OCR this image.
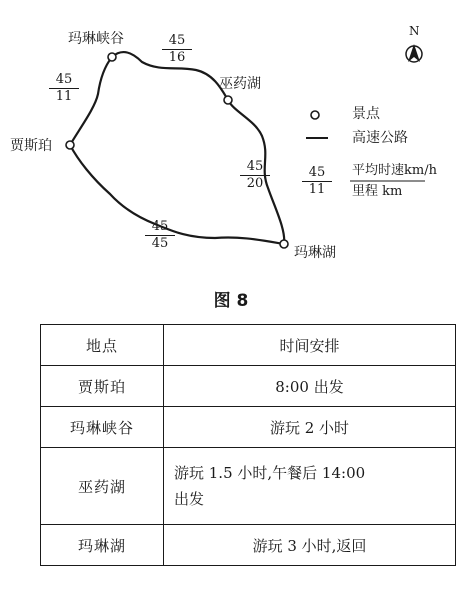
玛琳峡谷
巫药湖
贾斯珀
玛琳湖
N
$\frac{45}{11}$
$\frac{45}{16}$
$\frac{45}{20}$
$\frac{45}{45}$
景点
高速公路
$\frac{45}{11}$ 平均时速km/h
里程 km
图 8
地点	时间安排
贾斯珀	8:00 出发
玛琳峡谷	游玩 2 小时
巫药湖	游玩 1.5 小时,午餐后 14:00
出发
玛琳湖	游玩 3 小时,返回
